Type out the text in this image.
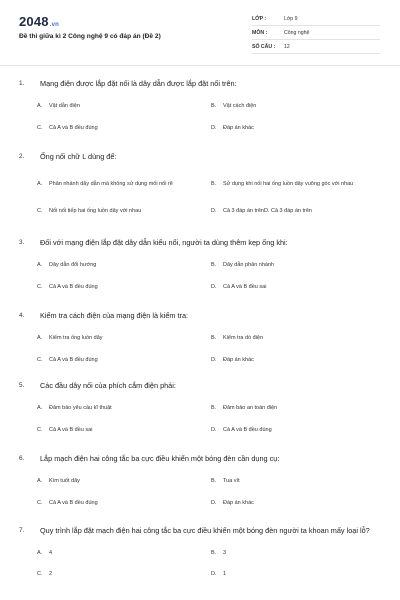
2048.vn
Đề thi giữa kì 2 Công nghệ 9 có đáp án (Đề 2)
LỚP :	Lớp 9
MÔN :	Công nghệ
SỐ CÂU :	12
1.	Mạng điện được lắp đặt nối là dây dẫn được lắp đặt nối trên:
A.	Vật dẫn điện	B.	Vật cách điện
C.	Cả A và B đều đúng	D.	Đáp án khác
2.	Ống nối chữ L dùng để:
A.	Phân nhánh dây dẫn mà không sử dụng mối nối rẽ	B.	Sử dụng khi nối hai ống luồn dây vuông góc với nhau
C.	Nối nối tiếp hai ống luồn dây với nhau	D.	Cả 3 đáp án trênD. Cả 3 đáp án trên
3.	Đối với mạng điện lắp đặt dây dẫn kiểu nổi, người ta dùng thêm kẹp ống khi:
A.	Dây dẫn đổi hướng	B.	Dây dẫn phân nhánh
C.	Cả A và B đều đúng	D.	Cả A và B đều sai
4.	Kiểm tra cách điện của mạng điện là kiểm tra:
A.	Kiểm tra ống luồn dây	B.	Kiểm tra dò điện
C.	Cả A và B đều đúng	D.	Đáp án khác
5.	Các đầu dây nối của phích cắm điện phải:
A.	Đảm bảo yêu cầu kĩ thuật	B.	Đảm bảo an toàn điện
C.	Cả A và B đều sai	D.	Cả A và B đều đúng
6.	Lắp mạch điện hai công tắc ba cực điều khiển một bóng đèn cần dụng cụ:
A.	Kìm tuốt dây	B.	Tua vít
C.	Cả A và B đều đúng	D.	Đáp án khác
7.	Quy trình lắp đặt mạch điện hai công tắc ba cực điều khiển một bóng đèn người ta khoan mấy loại lỗ?
A.	4	B.	3
C.	2	D.	1
